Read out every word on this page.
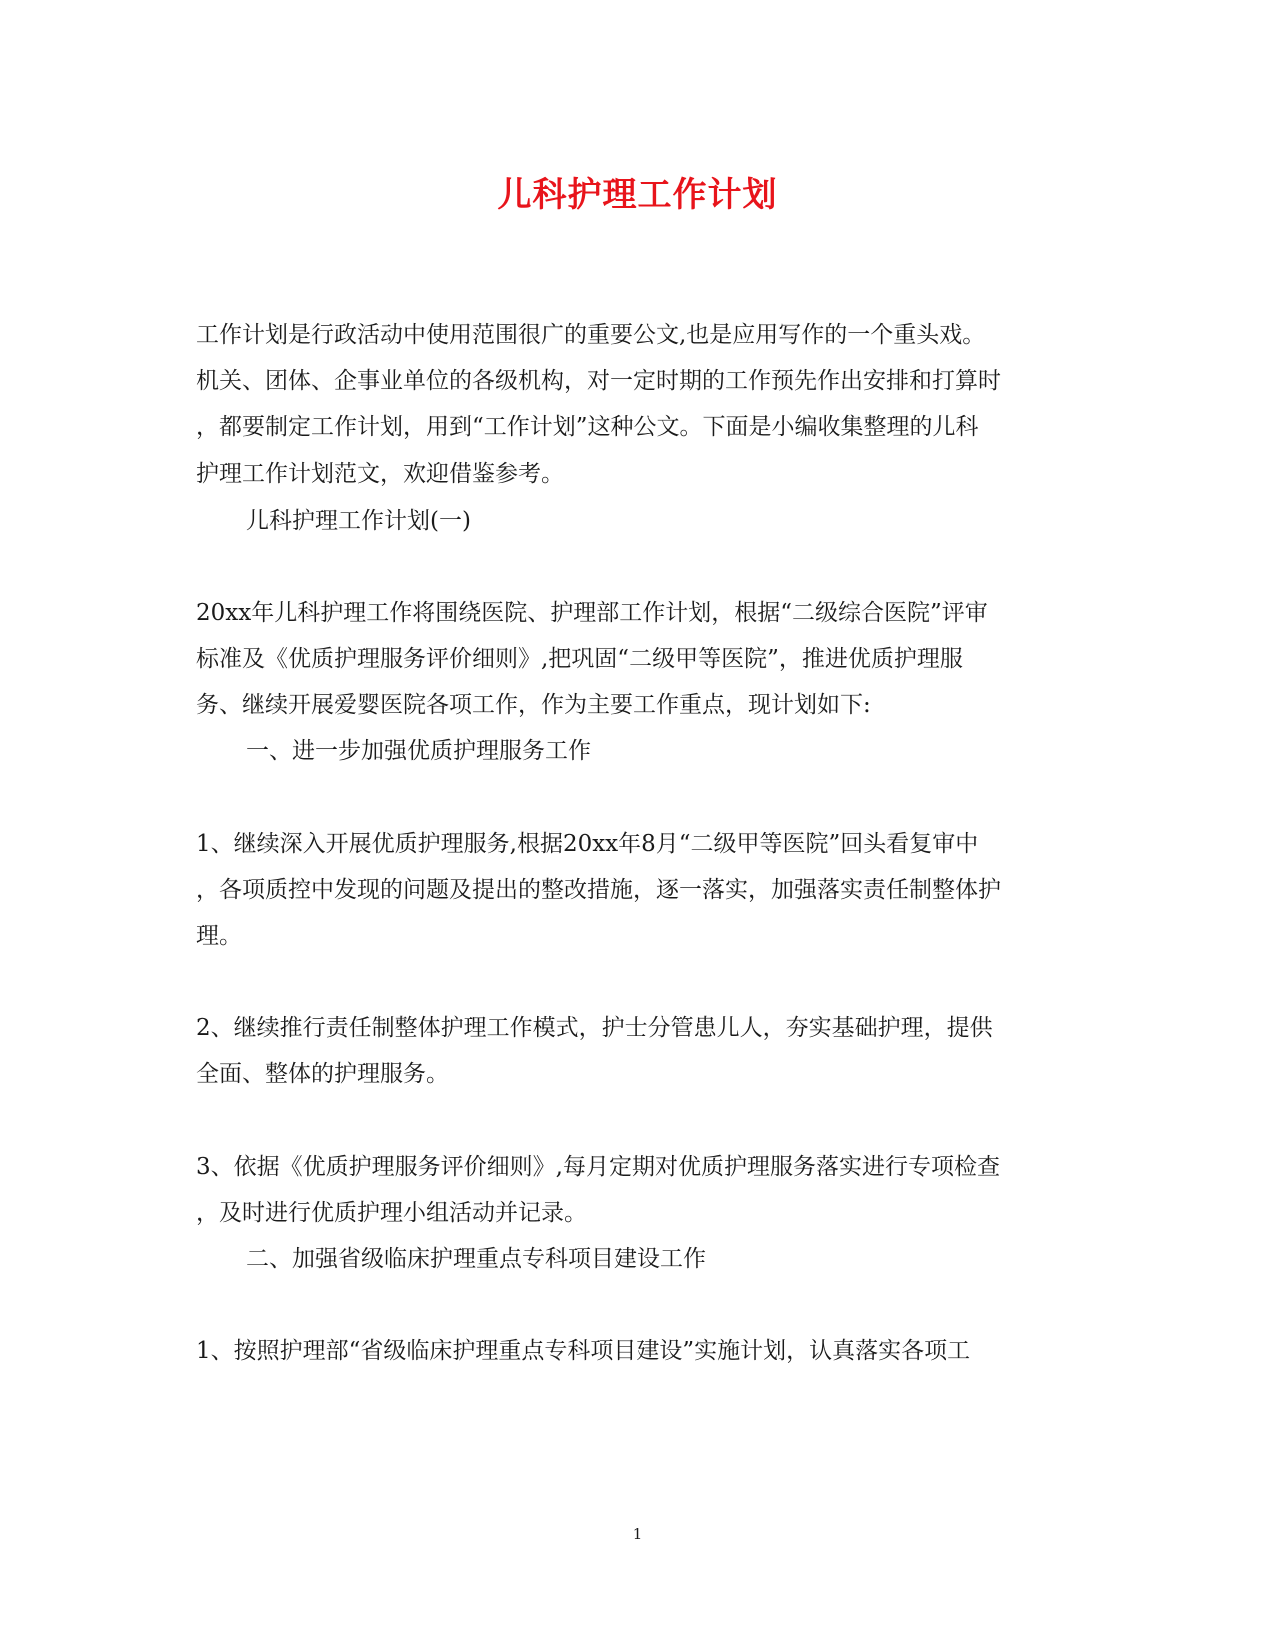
儿科护理工作计划
工作计划是行政活动中使用范围很广的重要公文,也是应用写作的一个重头戏。
机关、团体、企事业单位的各级机构，对一定时期的工作预先作出安排和打算时
，都要制定工作计划，用到“工作计划”这种公文。下面是小编收集整理的儿科
护理工作计划范文，欢迎借鉴参考。
儿科护理工作计划(一)
20xx年儿科护理工作将围绕医院、护理部工作计划，根据“二级综合医院”评审
标准及《优质护理服务评价细则》,把巩固“二级甲等医院”，推进优质护理服
务、继续开展爱婴医院各项工作，作为主要工作重点，现计划如下:
一、进一步加强优质护理服务工作
1、继续深入开展优质护理服务,根据20xx年8月“二级甲等医院”回头看复审中
，各项质控中发现的问题及提出的整改措施，逐一落实，加强落实责任制整体护
理。
2、继续推行责任制整体护理工作模式，护士分管患儿人，夯实基础护理，提供
全面、整体的护理服务。
3、依据《优质护理服务评价细则》,每月定期对优质护理服务落实进行专项检查
，及时进行优质护理小组活动并记录。
二、加强省级临床护理重点专科项目建设工作
1、按照护理部“省级临床护理重点专科项目建设”实施计划，认真落实各项工
1
